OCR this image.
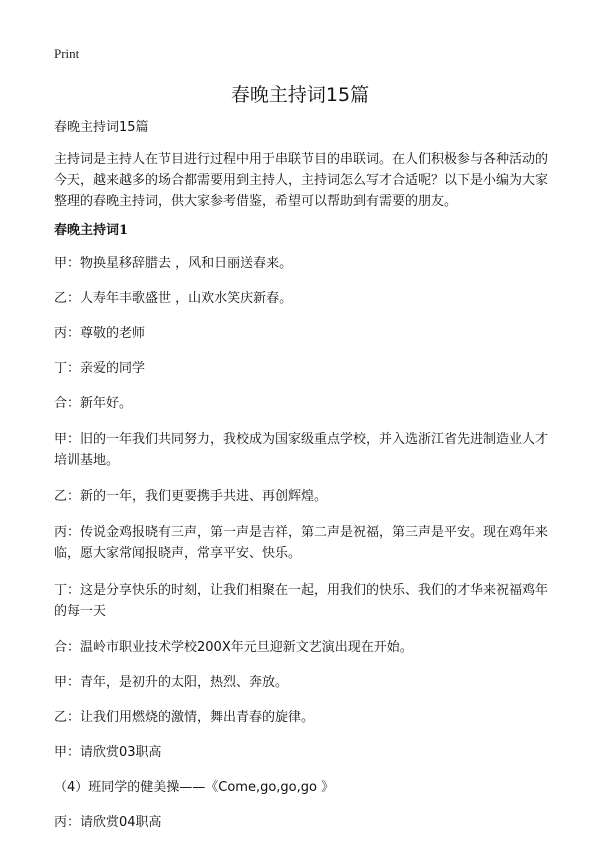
Print
春晚主持词15篇

春晚主持词15篇

主持词是主持人在节目进行过程中用于串联节目的串联词。在人们积极参与各种活动的今天，越来越多的场合都需要用到主持人，主持词怎么写才合适呢？以下是小编为大家整理的春晚主持词，供大家参考借鉴，希望可以帮助到有需要的朋友。

春晚主持词1

甲：物换星移辞腊去 ，风和日丽送春来。

乙：人寿年丰歌盛世 ，山欢水笑庆新春。

丙：尊敬的老师

丁：亲爱的同学

合：新年好。

甲：旧的一年我们共同努力，我校成为国家级重点学校，并入选浙江省先进制造业人才培训基地。

乙：新的一年，我们更要携手共进、再创辉煌。

丙：传说金鸡报晓有三声，第一声是吉祥，第二声是祝福，第三声是平安。现在鸡年来临，愿大家常闻报晓声，常享平安、快乐。

丁：这是分享快乐的时刻，让我们相聚在一起，用我们的快乐、我们的才华来祝福鸡年的每一天

合：温岭市职业技术学校200X年元旦迎新文艺演出现在开始。

甲：青年，是初升的太阳，热烈、奔放。

乙：让我们用燃烧的激情，舞出青春的旋律。

甲：请欣赏03职高

（4）班同学的健美操——《Come,go,go,go 》

丙：请欣赏04职高
